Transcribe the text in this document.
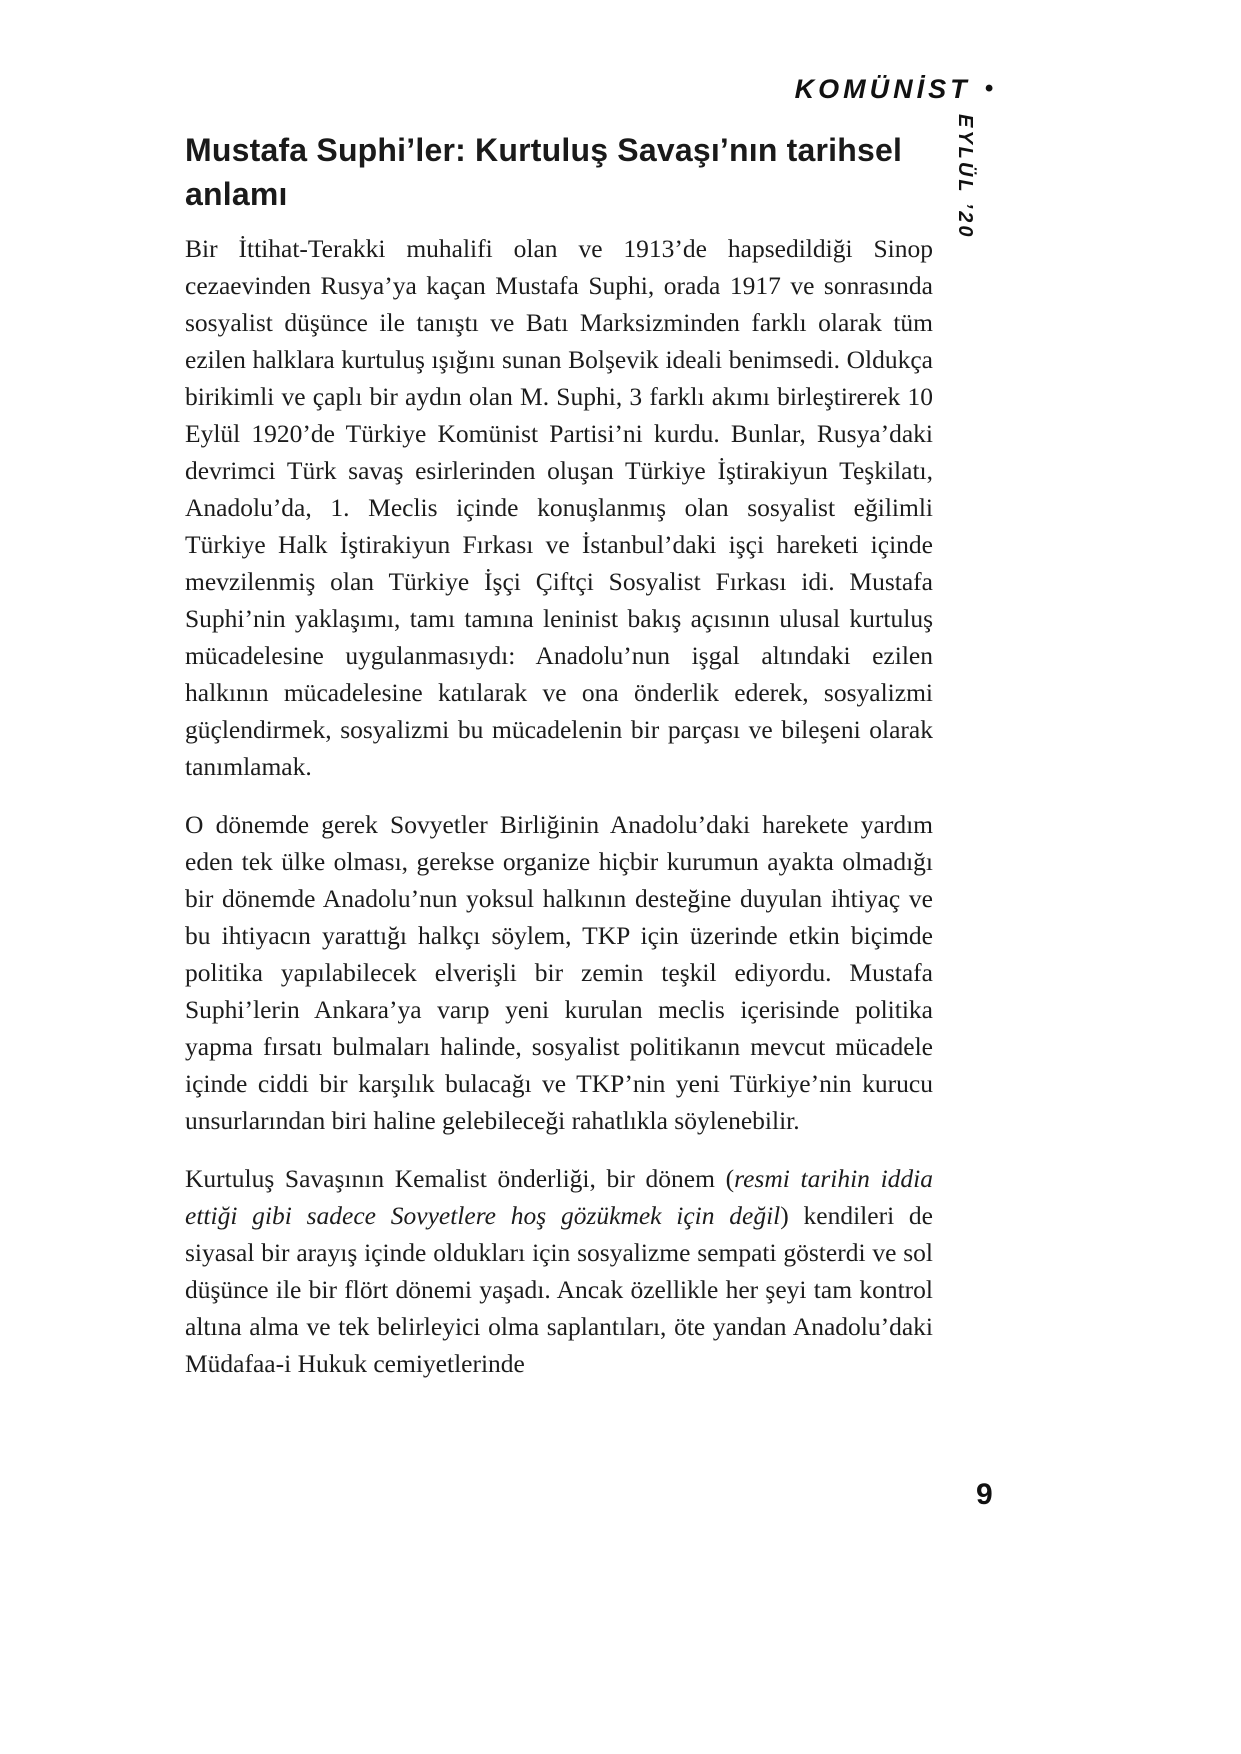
KOMÜNİST •
EYLÜL ’20
Mustafa Suphi’ler: Kurtuluş Savaşı’nın tarihsel anlamı

Bir İttihat-Terakki muhalifi olan ve 1913’de hapsedildiği Sinop cezaevinden Rusya’ya kaçan Mustafa Suphi, orada 1917 ve sonrasında sosyalist düşünce ile tanıştı ve Batı Marksizminden farklı olarak tüm ezilen halklara kurtuluş ışığını sunan Bolşevik ideali benimsedi. Oldukça birikimli ve çaplı bir aydın olan M. Suphi, 3 farklı akımı birleştirerek 10 Eylül 1920’de Türkiye Komünist Partisi’ni kurdu. Bunlar, Rusya’daki devrimci Türk savaş esirlerinden oluşan Türkiye İştirakiyun Teşkilatı, Anadolu’da, 1. Meclis içinde konuşlanmış olan sosyalist eğilimli Türkiye Halk İştirakiyun Fırkası ve İstanbul’daki işçi hareketi içinde mevzilenmiş olan Türkiye İşçi Çiftçi Sosyalist Fırkası idi. Mustafa Suphi’nin yaklaşımı, tamı tamına leninist bakış açısının ulusal kurtuluş mücadelesine uygulanmasıydı: Anadolu’nun işgal altındaki ezilen halkının mücadelesine katılarak ve ona önderlik ederek, sosyalizmi güçlendirmek, sosyalizmi bu mücadelenin bir parçası ve bileşeni olarak tanımlamak.

O dönemde gerek Sovyetler Birliğinin Anadolu’daki harekete yardım eden tek ülke olması, gerekse organize hiçbir kurumun ayakta olmadığı bir dönemde Anadolu’nun yoksul halkının desteğine duyulan ihtiyaç ve bu ihtiyacın yarattığı halkçı söylem, TKP için üzerinde etkin biçimde politika yapılabilecek elverişli bir zemin teşkil ediyordu. Mustafa Suphi’lerin Ankara’ya varıp yeni kurulan meclis içerisinde politika yapma fırsatı bulmaları halinde, sosyalist politikanın mevcut mücadele içinde ciddi bir karşılık bulacağı ve TKP’nin yeni Türkiye’nin kurucu unsurlarından biri haline gelebileceği rahatlıkla söylenebilir.

Kurtuluş Savaşının Kemalist önderliği, bir dönem (resmi tarihin iddia ettiği gibi sadece Sovyetlere hoş gözükmek için değil) kendileri de siyasal bir arayış içinde oldukları için sosyalizme sempati gösterdi ve sol düşünce ile bir flört dönemi yaşadı. Ancak özellikle her şeyi tam kontrol altına alma ve tek belirleyici olma saplantıları, öte yandan Anadolu’daki Müdafaa-i Hukuk cemiyetlerinde

9
